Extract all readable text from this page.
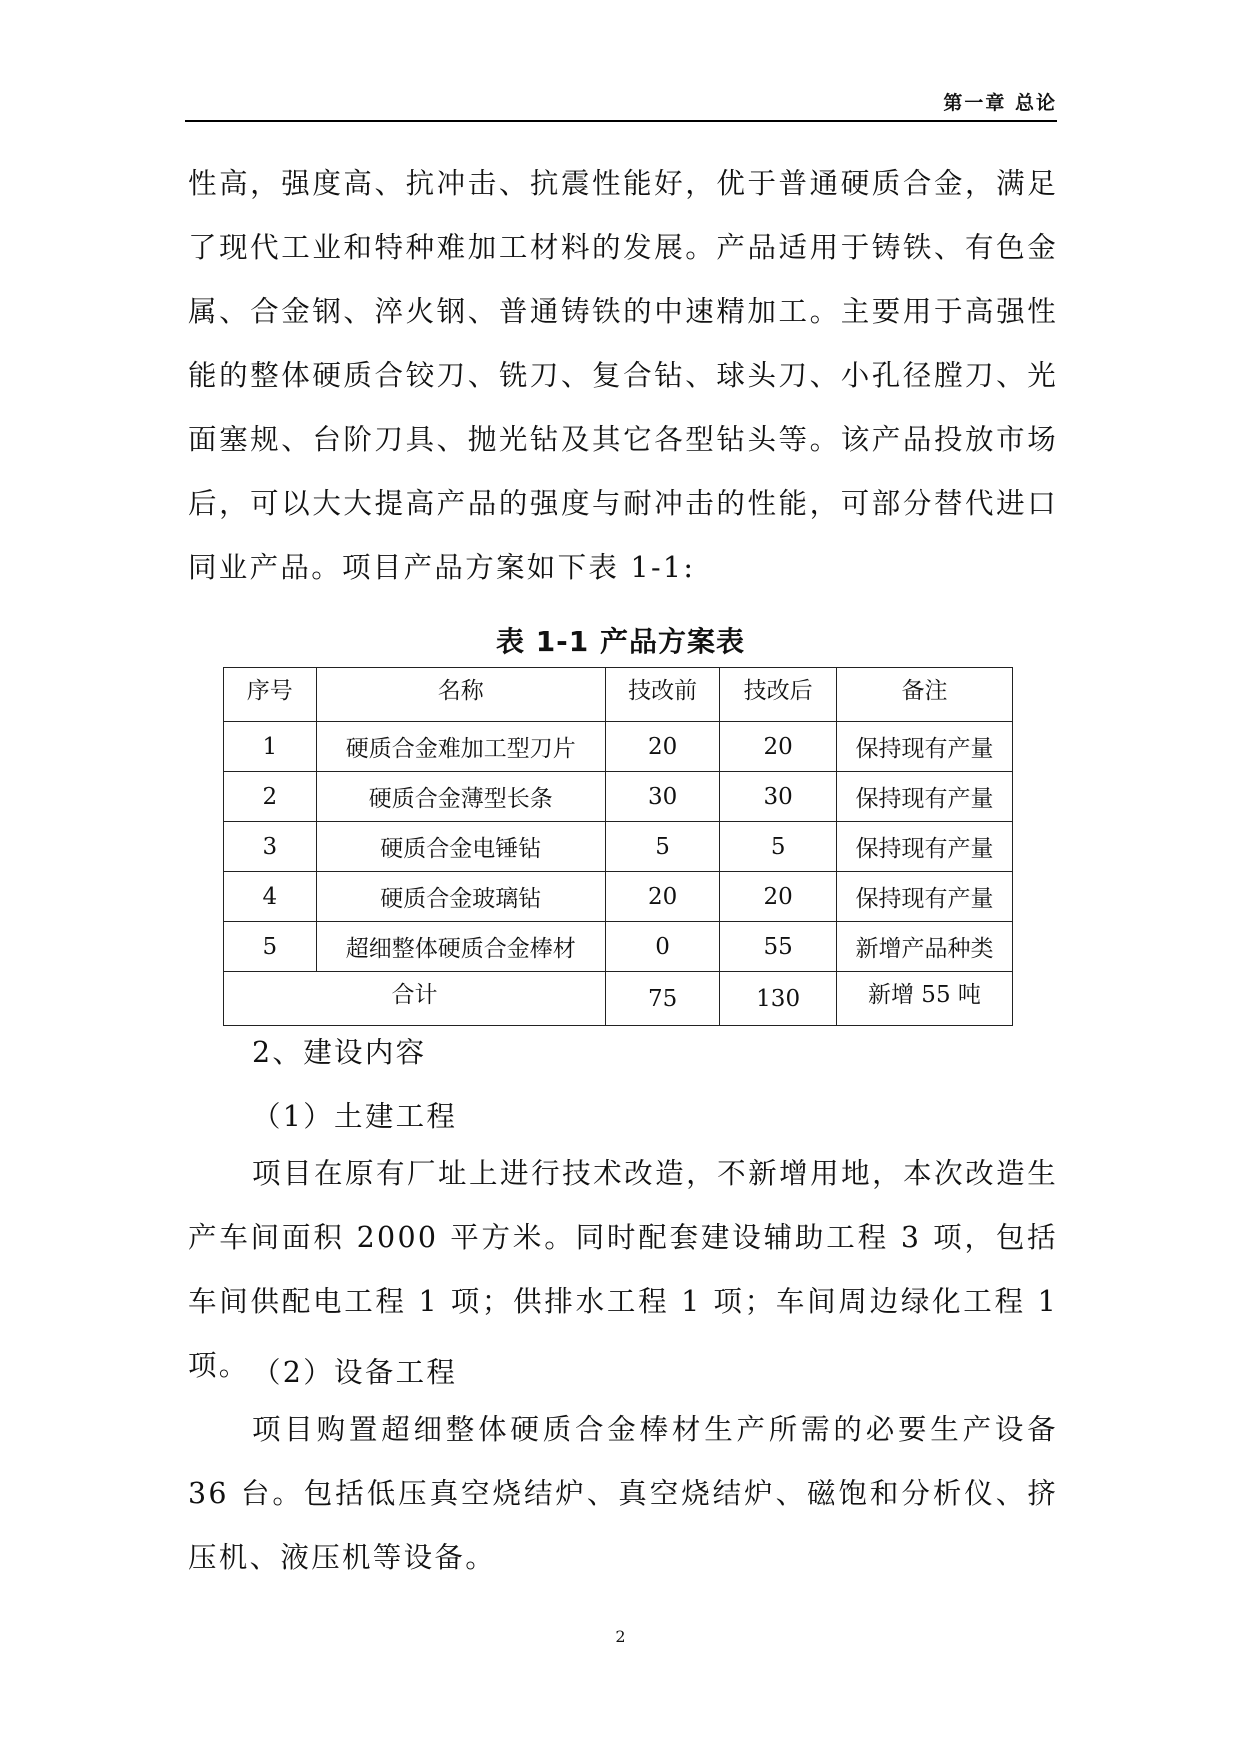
第一章 总论

性高，强度高、抗冲击、抗震性能好，优于普通硬质合金，满足了现代工业和特种难加工材料的发展。产品适用于铸铁、有色金属、合金钢、淬火钢、普通铸铁的中速精加工。主要用于高强性能的整体硬质合铰刀、铣刀、复合钻、球头刀、小孔径膛刀、光面塞规、台阶刀具、抛光钻及其它各型钻头等。该产品投放市场后，可以大大提高产品的强度与耐冲击的性能，可部分替代进口同业产品。项目产品方案如下表 1-1:

表 1-1 产品方案表
序号	名称	技改前	技改后	备注
1	硬质合金难加工型刀片	20	20	保持现有产量
2	硬质合金薄型长条	30	30	保持现有产量
3	硬质合金电锤钻	5	5	保持现有产量
4	硬质合金玻璃钻	20	20	保持现有产量
5	超细整体硬质合金棒材	0	55	新增产品种类
合计		75	130	新增 55 吨
2、建设内容
（1）土建工程

项目在原有厂址上进行技术改造，不新增用地，本次改造生产车间面积 2000 平方米。同时配套建设辅助工程 3 项，包括车间供配电工程 1 项；供排水工程 1 项；车间周边绿化工程 1 项。 （2）设备工程

项目购置超细整体硬质合金棒材生产所需的必要生产设备 36 台。包括低压真空烧结炉、真空烧结炉、磁饱和分析仪、挤压机、液压机等设备。

2
